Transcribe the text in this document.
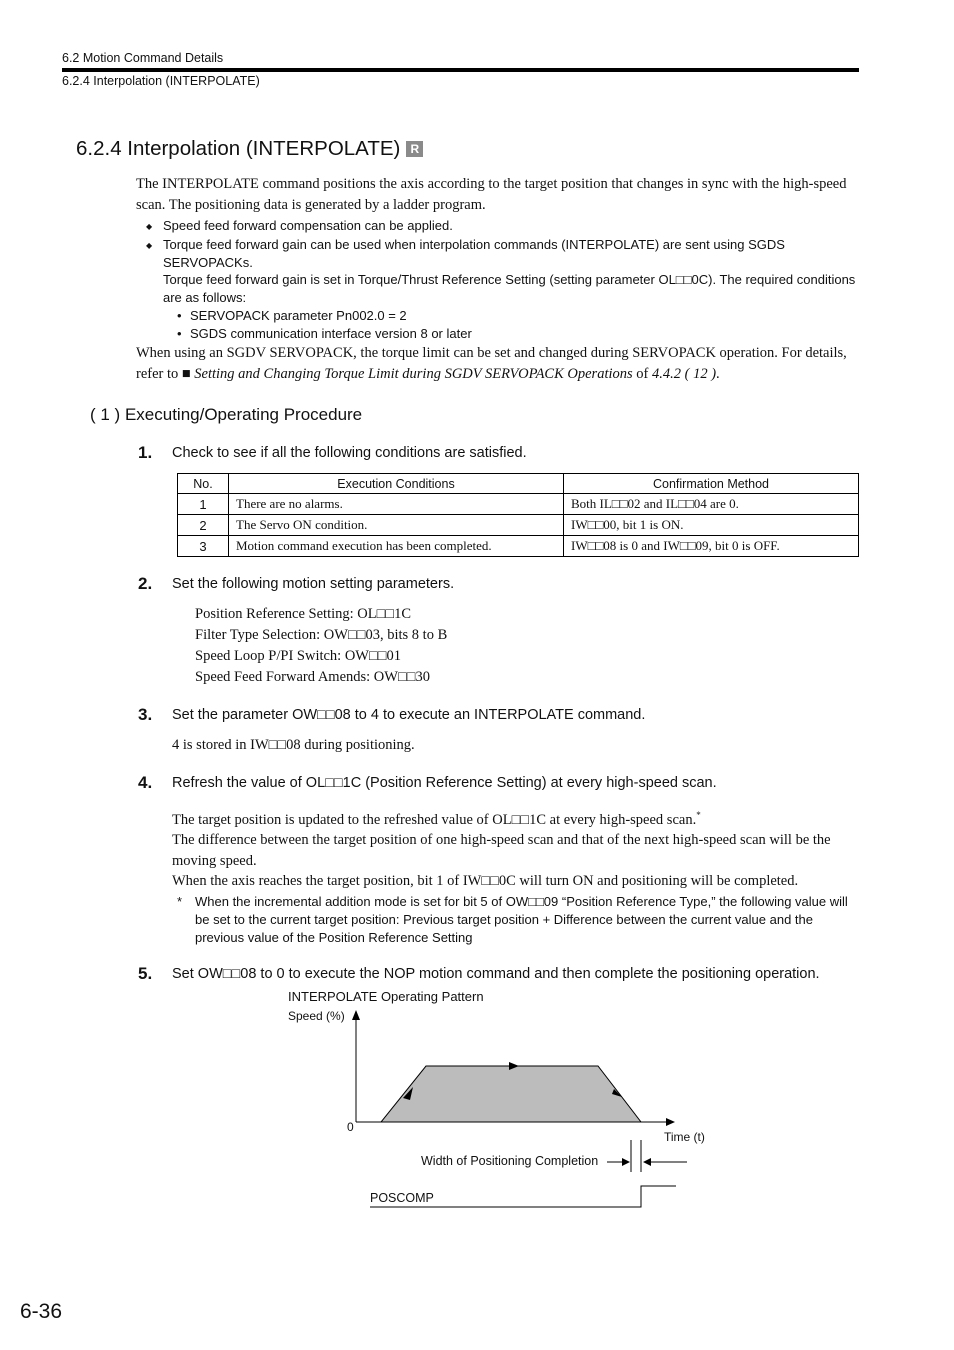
6.2 Motion Command Details
6.2.4 Interpolation (INTERPOLATE)
6.2.4 Interpolation (INTERPOLATE) R
The INTERPOLATE command positions the axis according to the target position that changes in sync with the high-speed scan. The positioning data is generated by a ladder program.
◆ Speed feed forward compensation can be applied.
◆ Torque feed forward gain can be used when interpolation commands (INTERPOLATE) are sent using SGDS SERVOPACKs.
Torque feed forward gain is set in Torque/Thrust Reference Setting (setting parameter OL□□0C). The required conditions are as follows:
• SERVOPACK parameter Pn002.0 = 2
• SGDS communication interface version 8 or later
When using an SGDV SERVOPACK, the torque limit can be set and changed during SERVOPACK operation. For details, refer to ■ Setting and Changing Torque Limit during SGDV SERVOPACK Operations of 4.4.2 ( 12 ).
( 1 ) Executing/Operating Procedure
1. Check to see if all the following conditions are satisfied.
No.	Execution Conditions	Confirmation Method
1	There are no alarms.	Both IL□□02 and IL□□04 are 0.
2	The Servo ON condition.	IW□□00, bit 1 is ON.
3	Motion command execution has been completed.	IW□□08 is 0 and IW□□09, bit 0 is OFF.
2. Set the following motion setting parameters.
Position Reference Setting: OL□□1C
Filter Type Selection: OW□□03, bits 8 to B
Speed Loop P/PI Switch: OW□□01
Speed Feed Forward Amends: OW□□30
3. Set the parameter OW□□08 to 4 to execute an INTERPOLATE command.
4 is stored in IW□□08 during positioning.
4. Refresh the value of OL□□1C (Position Reference Setting) at every high-speed scan.
The target position is updated to the refreshed value of OL□□1C at every high-speed scan.*
The difference between the target position of one high-speed scan and that of the next high-speed scan will be the moving speed.
When the axis reaches the target position, bit 1 of IW□□0C will turn ON and positioning will be completed.
* When the incremental addition mode is set for bit 5 of OW□□09 “Position Reference Type,” the following value will be set to the current target position: Previous target position + Difference between the current value and the previous value of the Position Reference Setting
5. Set OW□□08 to 0 to execute the NOP motion command and then complete the positioning operation.
INTERPOLATE Operating Pattern
Speed (%)
0
Time (t)
Width of Positioning Completion
POSCOMP
6-36
